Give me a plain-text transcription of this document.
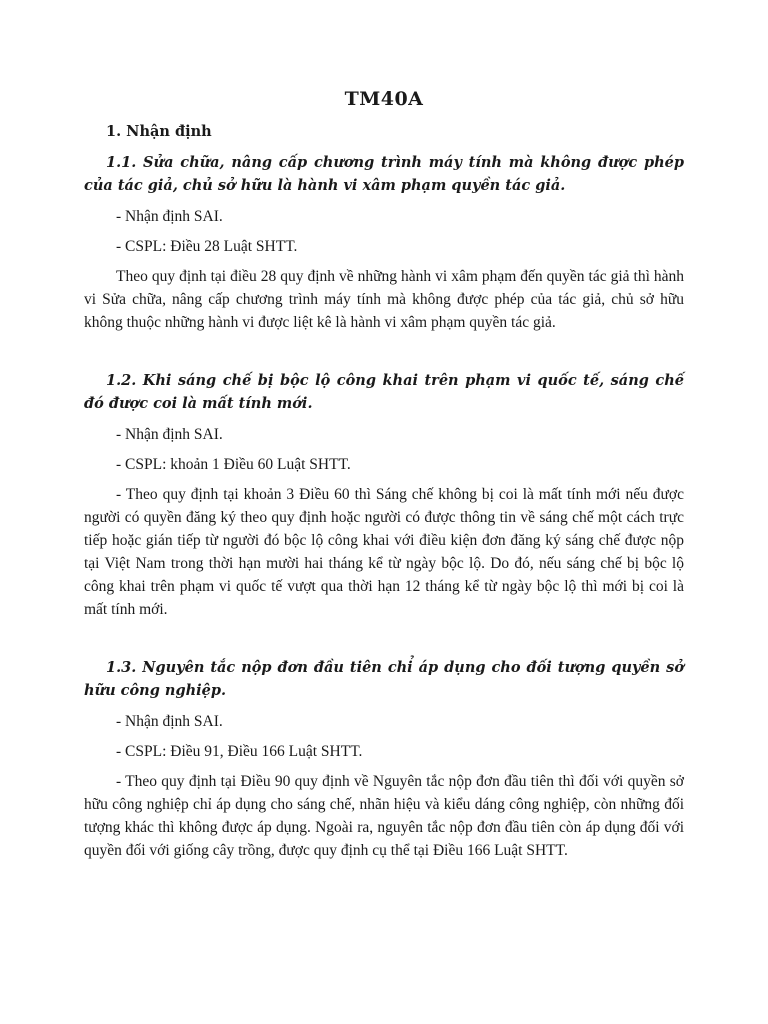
TM40A

1. Nhận định

1.1. Sửa chữa, nâng cấp chương trình máy tính mà không được phép của tác giả, chủ sở hữu là hành vi xâm phạm quyền tác giả.

- Nhận định SAI.

- CSPL: Điều 28 Luật SHTT.

Theo quy định tại điều 28 quy định về những hành vi xâm phạm đến quyền tác giả thì hành vi Sửa chữa, nâng cấp chương trình máy tính mà không được phép của tác giả, chủ sở hữu không thuộc những hành vi được liệt kê là hành vi xâm phạm quyền tác giả.

1.2. Khi sáng chế bị bộc lộ công khai trên phạm vi quốc tế, sáng chế đó được coi là mất tính mới.

- Nhận định SAI.

- CSPL: khoản 1 Điều 60 Luật SHTT.

- Theo quy định tại khoản 3 Điều 60 thì Sáng chế không bị coi là mất tính mới nếu được người có quyền đăng ký theo quy định hoặc người có được thông tin về sáng chế một cách trực tiếp hoặc gián tiếp từ người đó bộc lộ công khai với điều kiện đơn đăng ký sáng chế được nộp tại Việt Nam trong thời hạn mười hai tháng kể từ ngày bộc lộ. Do đó, nếu sáng chế bị bộc lộ công khai trên phạm vi quốc tế vượt qua thời hạn 12 tháng kể từ ngày bộc lộ thì mới bị coi là mất tính mới.

1.3. Nguyên tắc nộp đơn đầu tiên chỉ áp dụng cho đối tượng quyền sở hữu công nghiệp.

- Nhận định SAI.

- CSPL: Điều 91, Điều 166 Luật SHTT.

- Theo quy định tại Điều 90 quy định về Nguyên tắc nộp đơn đầu tiên thì đối với quyền sở hữu công nghiệp chỉ áp dụng cho sáng chế, nhãn hiệu và kiểu dáng công nghiệp, còn những đối tượng khác thì không được áp dụng. Ngoài ra, nguyên tắc nộp đơn đầu tiên còn áp dụng đối với quyền đối với giống cây trồng, được quy định cụ thể tại Điều 166 Luật SHTT.
